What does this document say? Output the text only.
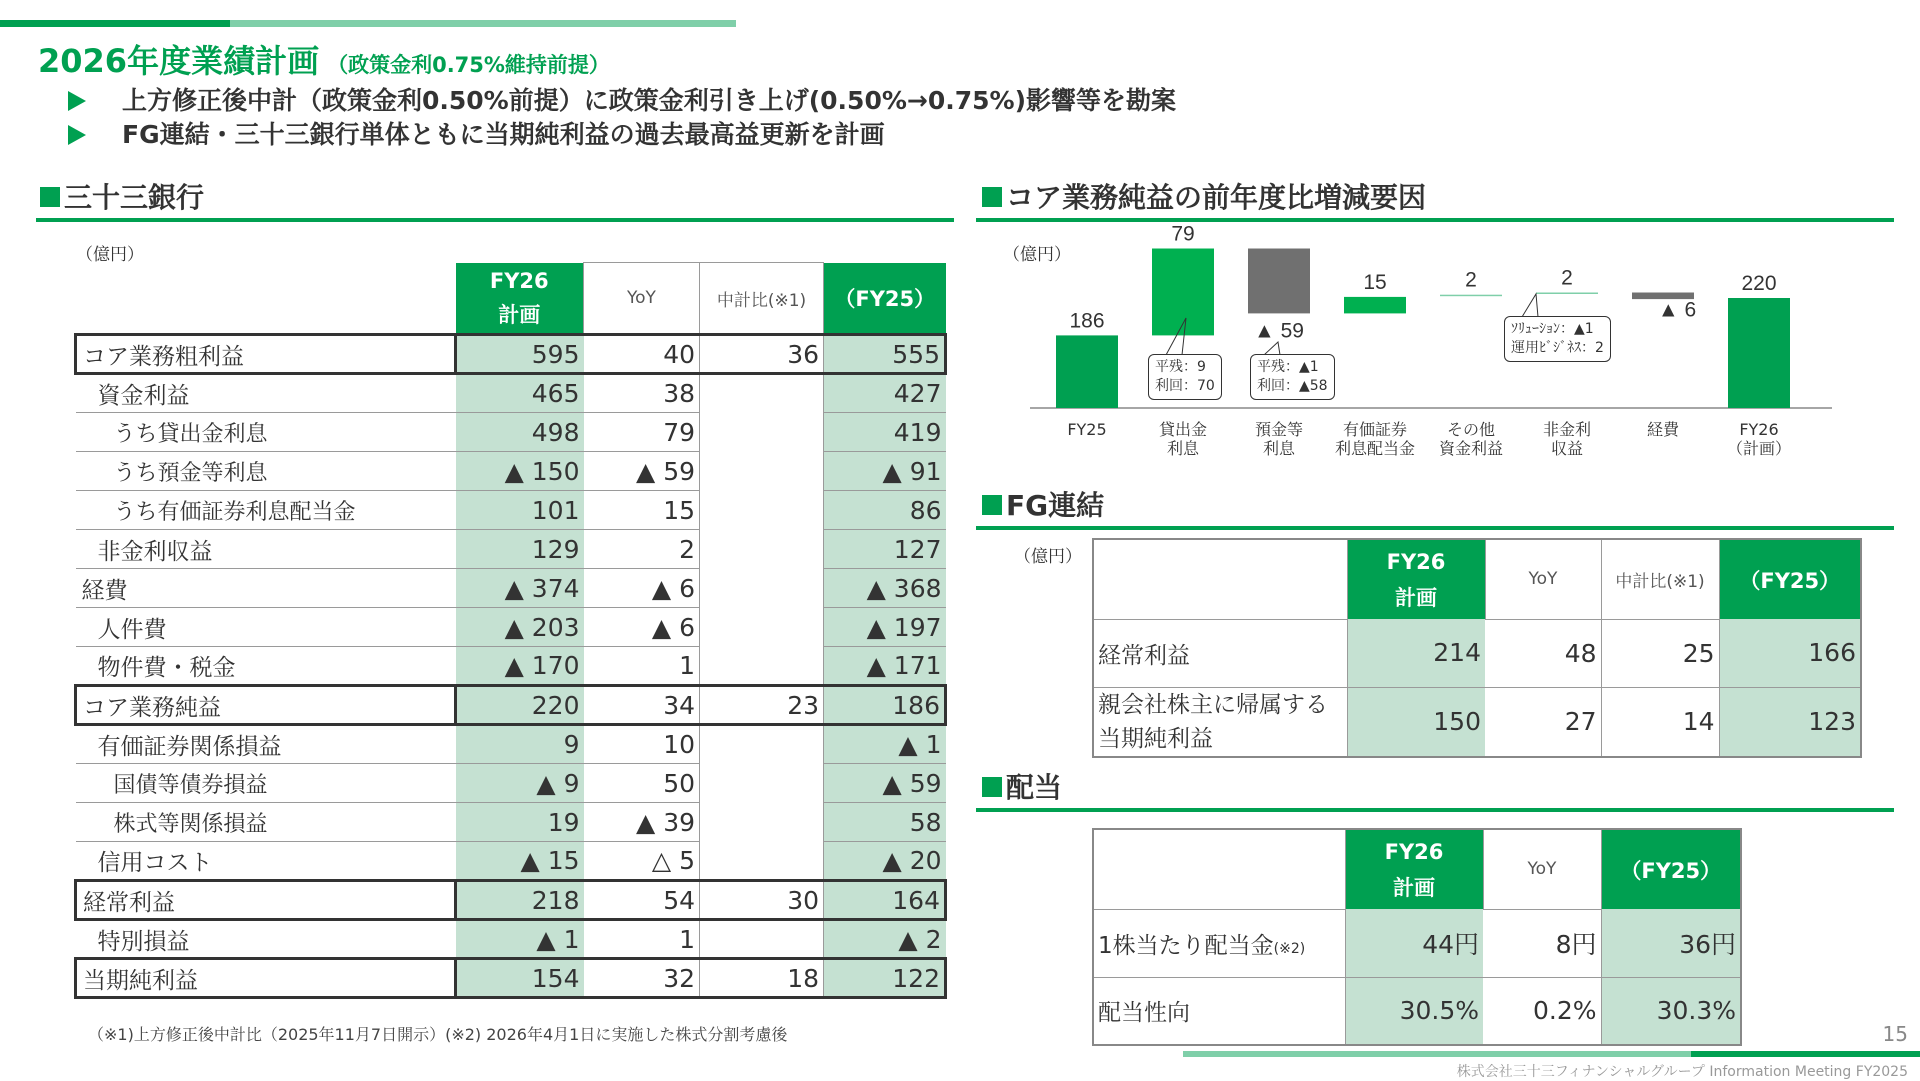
2026年度業績計画 （政策金利0.75%維持前提）
上方修正後中計（政策金利0.50%前提）に政策金利引き上げ(0.50%→0.75%)影響等を勘案
FG連結・三十三銀行単体ともに当期純利益の過去最高益更新を計画
三十三銀行
（億円）
	FY26
計画	YoY	中計比(※1)	（FY25）
コア業務粗利益	595	40	36	555
資金利益	465	38		427
うち貸出金利息	498	79		419
うち預金等利息	▲ 150	▲ 59		▲ 91
うち有価証券利息配当金	101	15		86
非金利収益	129	2		127
経費	▲ 374	▲ 6		▲ 368
人件費	▲ 203	▲ 6		▲ 197
物件費・税金	▲ 170	1		▲ 171
コア業務純益	220	34	23	186
有価証券関係損益	9	10		▲ 1
国債等債券損益	▲ 9	50		▲ 59
株式等関係損益	19	▲ 39		58
信用コスト	▲ 15	△ 5		▲ 20
経常利益	218	54	30	164
特別損益	▲ 1	1		▲ 2
当期純利益	154	32	18	122
（※1)上方修正後中計比（2025年11月7日開示）(※2) 2026年4月1日に実施した株式分割考慮後
コア業務純益の前年度比増減要因
（億円）
186
79
▲ 59
15	2	2
▲ 6
220
FY25	貸出金
利息
預金等
利息
有価証券
利息配当金
その他
資金利益
非金利
収益
経費	FY26
（計画）
平残：9
利回：70
平残：▲1
利回：▲58
ｿﾘｭｰｼｮﾝ：▲1
運用ﾋﾞｼﾞﾈｽ：2
FG連結
（億円）
		FY26
計画	YoY	中計比(※1)	（FY25）
経常利益	214	48	25	166
親会社株主に帰属する
当期純利益	150	27	14	123
配当
	FY26
計画	YoY	（FY25）
1株当たり配当金(※2)	44円	8円	36円
配当性向	30.5%	0.2%	30.3%
15
株式会社三十三フィナンシャルグループ Information Meeting FY2025
